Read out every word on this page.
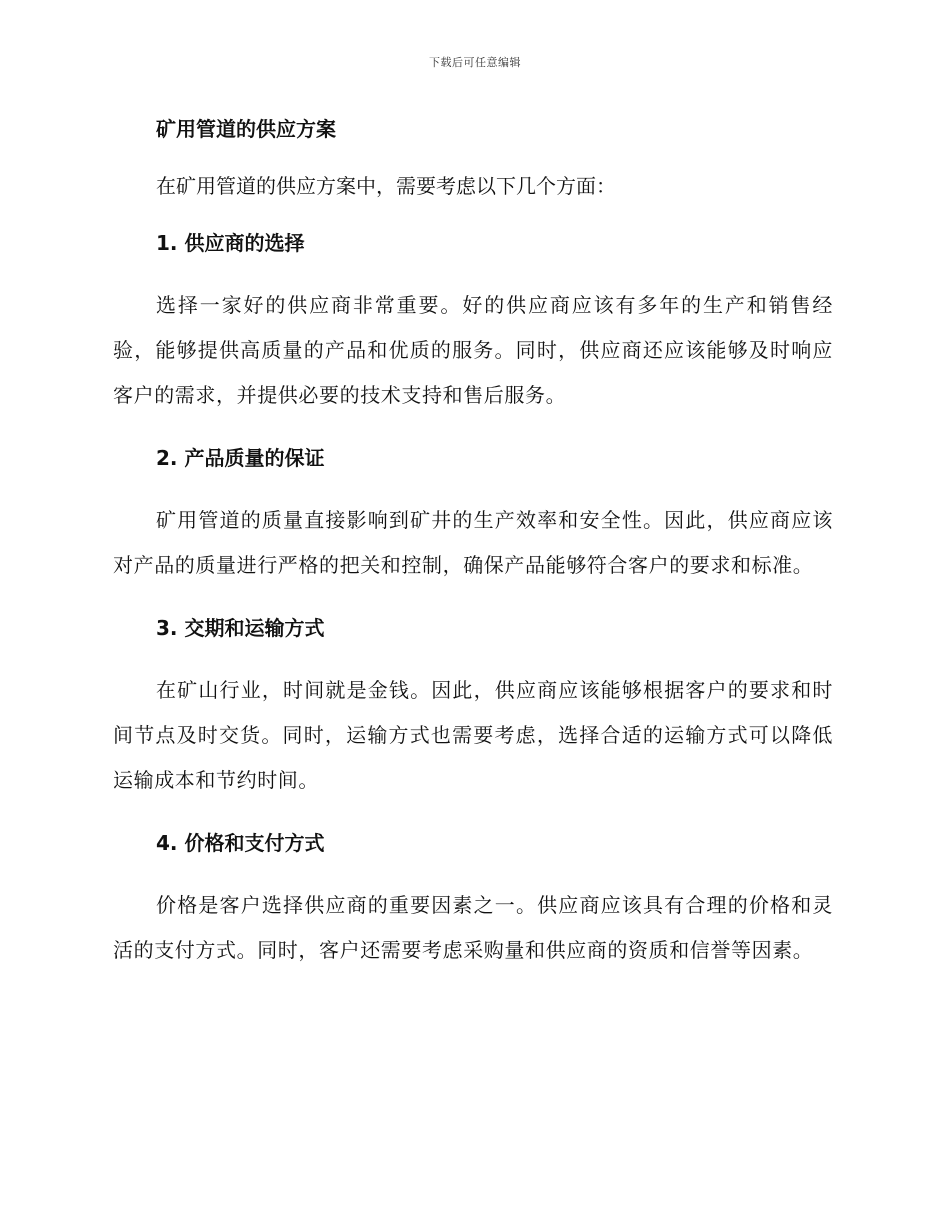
下载后可任意编辑
矿用管道的供应方案

在矿用管道的供应方案中，需要考虑以下几个方面：

1. 供应商的选择

选择一家好的供应商非常重要。好的供应商应该有多年的生产和销售经验，能够提供高质量的产品和优质的服务。同时，供应商还应该能够及时响应客户的需求，并提供必要的技术支持和售后服务。

2. 产品质量的保证

矿用管道的质量直接影响到矿井的生产效率和安全性。因此，供应商应该对产品的质量进行严格的把关和控制，确保产品能够符合客户的要求和标准。

3. 交期和运输方式

在矿山行业，时间就是金钱。因此，供应商应该能够根据客户的要求和时间节点及时交货。同时，运输方式也需要考虑，选择合适的运输方式可以降低运输成本和节约时间。

4. 价格和支付方式

价格是客户选择供应商的重要因素之一。供应商应该具有合理的价格和灵活的支付方式。同时，客户还需要考虑采购量和供应商的资质和信誉等因素。
